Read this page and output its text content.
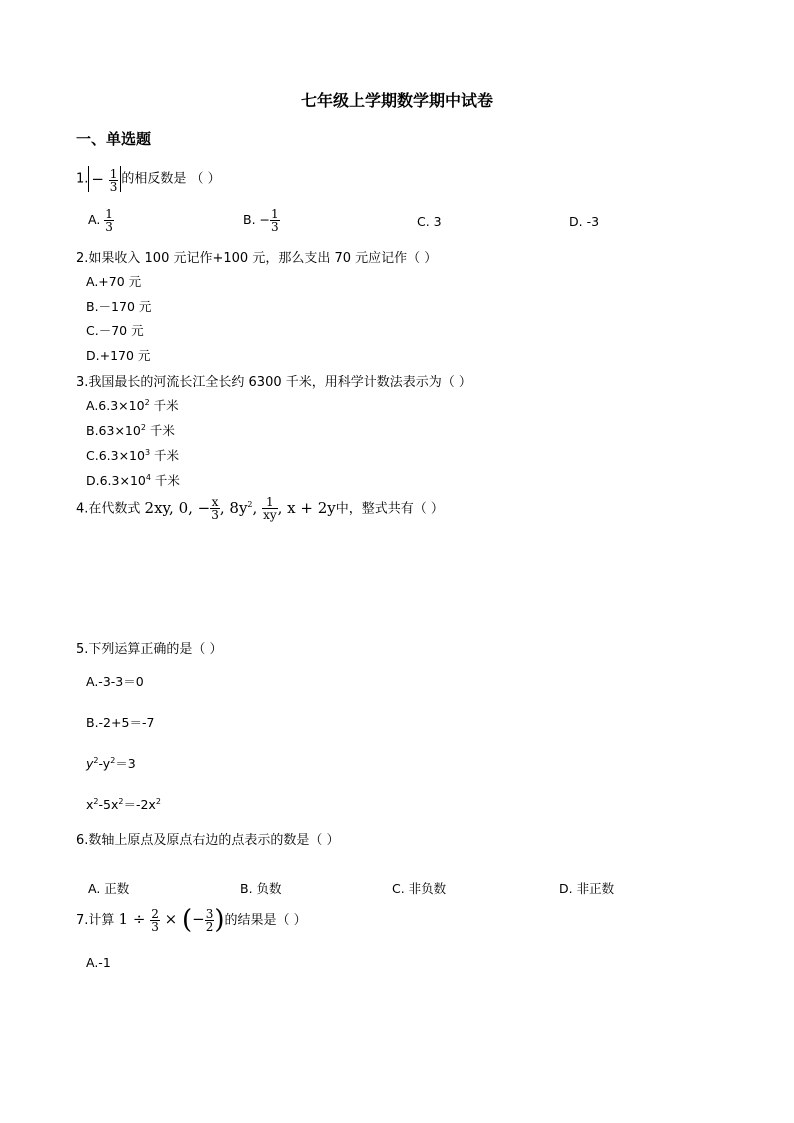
七年级上学期数学期中试卷
一、单选题
1. − $\frac{1}{3}$ 的相反数是 （ ）
A. $\frac{1}{3}$	B. − $\frac{1}{3}$	C. 3	D. -3
2.如果收入 100 元记作+100 元，那么支出 70 元应记作（ ）
A.+70 元
B.－170 元
C.－70 元
D.+170 元
3.我国最长的河流长江全长约 6300 千米，用科学计数法表示为（ ）
$A.6.3\times 10^2$ 千米
$B.63\times 10^2$ 千米
$C.6.3\times 10^3$ 千米
$D.6.3\times 10^4$ 千米
4.在代数式 2xy, 0, − $\frac{x}{3}$ , $8y^2$, $\frac{1}{xy}$ , x + 2y中，整式共有（ ）
5.下列运算正确的是（ ）
A.-3-3＝0
B.-2+5＝-7
$y^2-y^2=3$
$x^2-5x^2=-2x^2$
6.数轴上原点及原点右边的点表示的数是（ ）
A. 正数	B. 负数	C. 非负数	D. 非正数
7.计算 $1 \div \frac{2}{3}$ × (− $\frac{3}{2}$ )的结果是（ ）
A.-1
